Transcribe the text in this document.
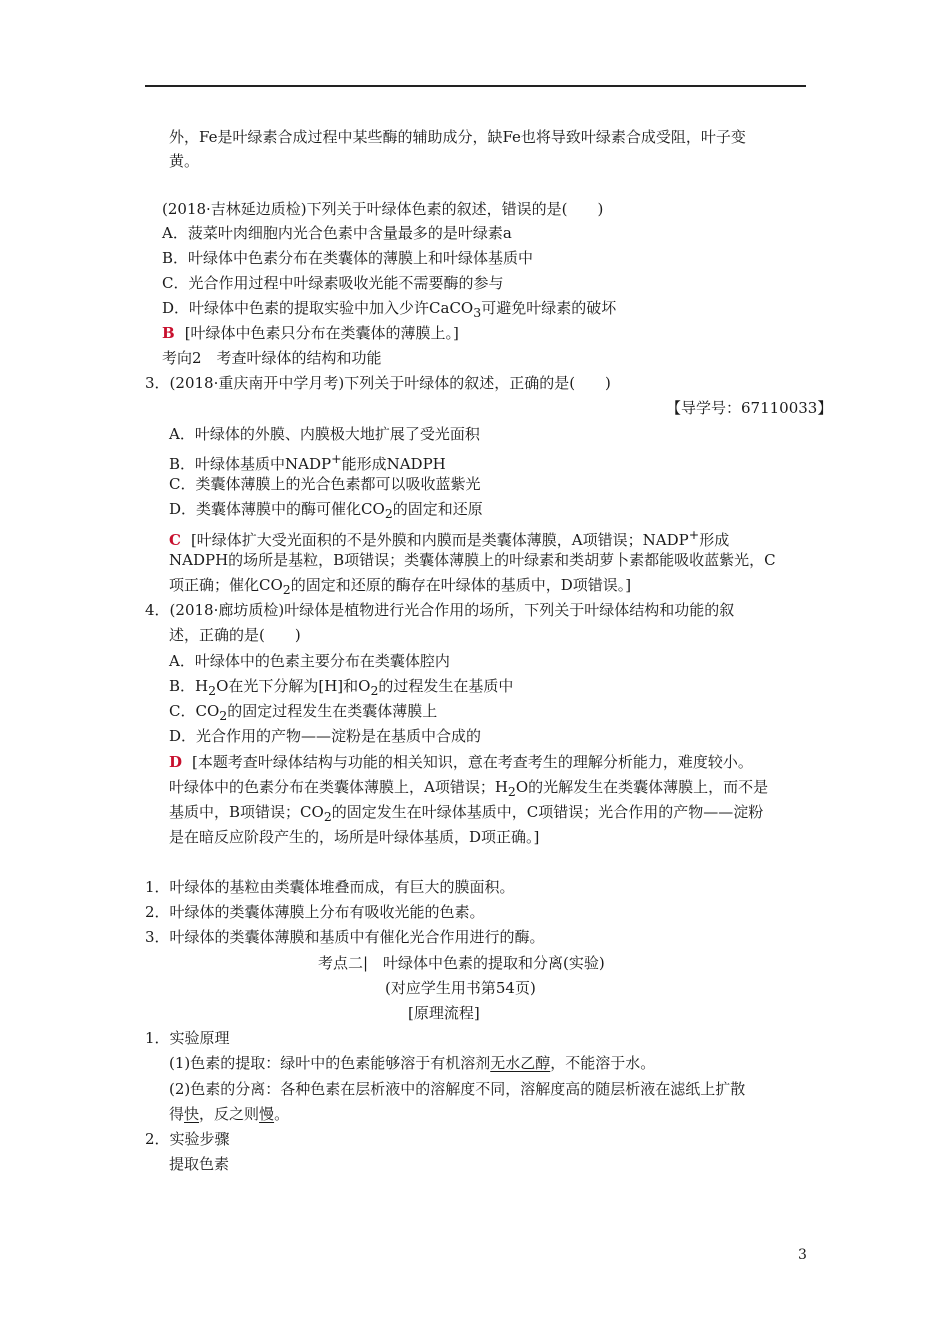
外，Fe是叶绿素合成过程中某些酶的辅助成分，缺Fe也将导致叶绿素合成受阻，叶子变
黄。
(2018·吉林延边质检)下列关于叶绿体色素的叙述，错误的是(　　)
A．菠菜叶肉细胞内光合色素中含量最多的是叶绿素a
B．叶绿体中色素分布在类囊体的薄膜上和叶绿体基质中
C．光合作用过程中叶绿素吸收光能不需要酶的参与
D．叶绿体中色素的提取实验中加入少许CaCO$_3$可避免叶绿素的破坏
B [叶绿体中色素只分布在类囊体的薄膜上。]
考向2　考查叶绿体的结构和功能
3．(2018·重庆南开中学月考)下列关于叶绿体的叙述，正确的是(　　)
【导学号：67110033】
A．叶绿体的外膜、内膜极大地扩展了受光面积
B．叶绿体基质中NADP+能形成NADPH
C．类囊体薄膜上的光合色素都可以吸收蓝紫光
D．类囊体薄膜中的酶可催化$CO_2$的固定和还原
C [叶绿体扩大受光面积的不是外膜和内膜而是类囊体薄膜，A项错误；NADP+形成
NADPH的场所是基粒，B项错误；类囊体薄膜上的叶绿素和类胡萝卜素都能吸收蓝紫光，C
项正确；催化$CO_2$的固定和还原的酶存在叶绿体的基质中，D项错误。]
4．(2018·廊坊质检)叶绿体是植物进行光合作用的场所，下列关于叶绿体结构和功能的叙
述，正确的是(　　)
A．叶绿体中的色素主要分布在类囊体腔内
B．$H_2O$在光下分解为[H]和$O_2$的过程发生在基质中
C．$CO_2$的固定过程发生在类囊体薄膜上
D．光合作用的产物——淀粉是在基质中合成的
D [本题考查叶绿体结构与功能的相关知识，意在考查考生的理解分析能力，难度较小。
叶绿体中的色素分布在类囊体薄膜上，A项错误；$H_2O$的光解发生在类囊体薄膜上，而不是
基质中，B项错误；$CO_2$的固定发生在叶绿体基质中，C项错误；光合作用的产物——淀粉
是在暗反应阶段产生的，场所是叶绿体基质，D项正确。]
1．叶绿体的基粒由类囊体堆叠而成，有巨大的膜面积。
2．叶绿体的类囊体薄膜上分布有吸收光能的色素。
3．叶绿体的类囊体薄膜和基质中有催化光合作用进行的酶。
考点二|　叶绿体中色素的提取和分离(实验)
(对应学生用书第54页)
[原理流程]
1．实验原理
(1)色素的提取：绿叶中的色素能够溶于有机溶剂无水乙醇，不能溶于水。
(2)色素的分离：各种色素在层析液中的溶解度不同，溶解度高的随层析液在滤纸上扩散
得快，反之则慢。
2．实验步骤
提取色素
3
